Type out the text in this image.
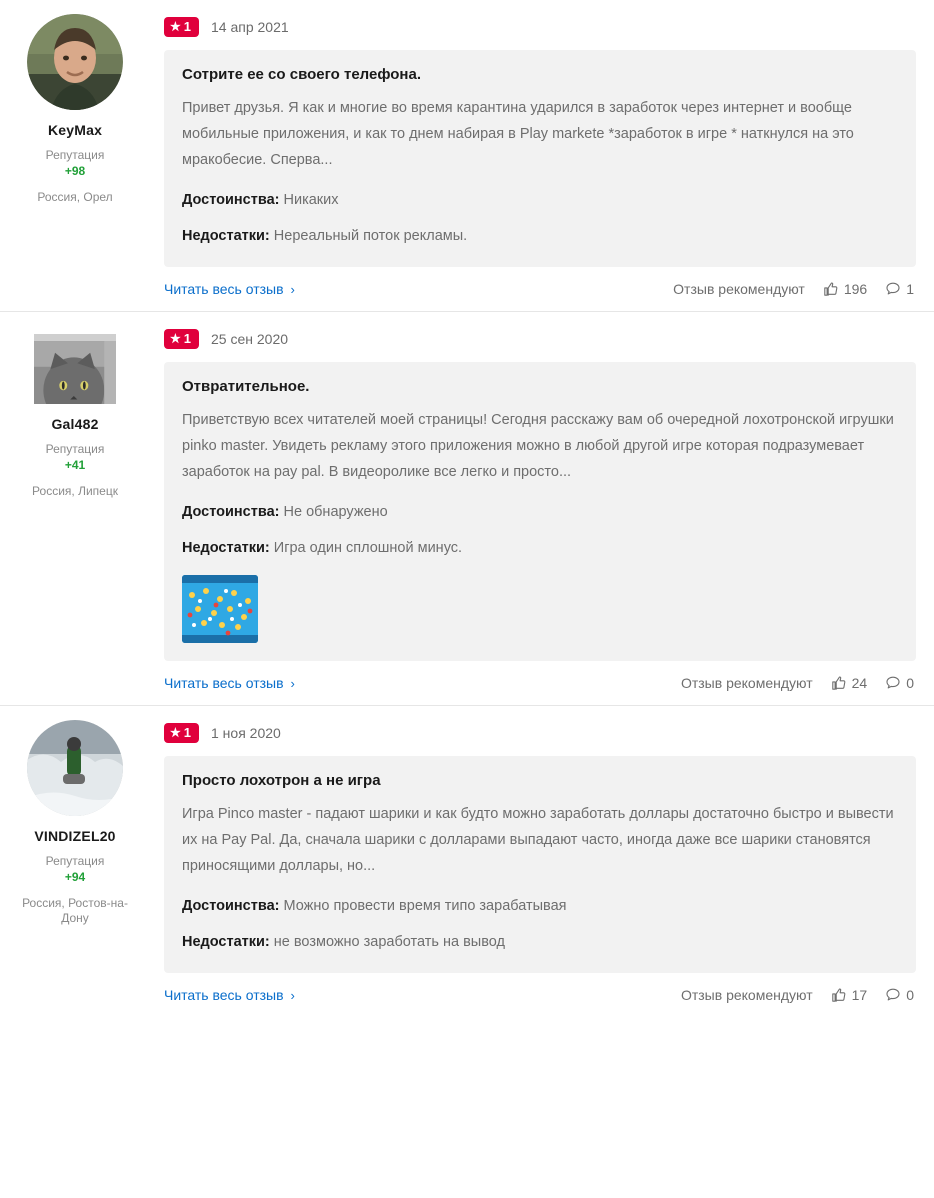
KeyMax
Репутация
+98
Россия, Орел
★ 1 14 апр 2021
Сотрите ее со своего телефона.

Привет друзья. Я как и многие во время карантина ударился в заработок через интернет и вообще мобильные приложения, и как то днем набирая в Play markete *заработок в игре * наткнулся на это мракобесие. Сперва...

Достоинства: Никаких

Недостатки: Нереальный поток рекламы.

Читать весь отзыв ›	Отзыв рекомендуют	196	1
Gal482
Репутация
+41
Россия, Липецк
★ 1 25 сен 2020
Отвратительное.

Приветствую всех читателей моей страницы! Сегодня расскажу вам об очередной лохотронской игрушки pinko master. Увидеть рекламу этого приложения можно в любой другой игре которая подразумевает заработок на pay pal. В видеоролике все легко и просто...

Достоинства: Не обнаружено

Недостатки: Игра один сплошной минус.

Читать весь отзыв ›	Отзыв рекомендуют	24	0
VINDIZEL20
Репутация
+94
Россия, Ростов-на-Дону
★ 1 1 ноя 2020
Просто лохотрон а не игра

Игра Pinco master - падают шарики и как будто можно заработать доллары достаточно быстро и вывести их на Pay Pal. Да, сначала шарики с долларами выпадают часто, иногда даже все шарики становятся приносящими доллары, но...

Достоинства: Можно провести время типо зарабатывая

Недостатки: не возможно заработать на вывод

Читать весь отзыв ›	Отзыв рекомендуют	17	0
